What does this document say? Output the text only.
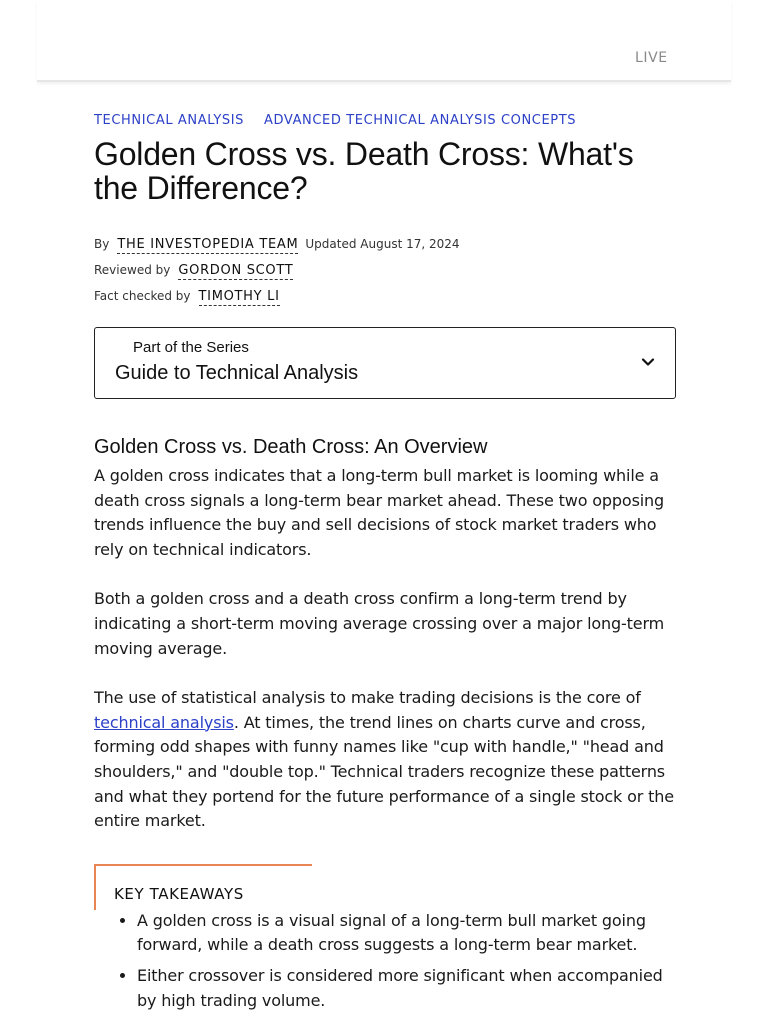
LIVE
TECHNICAL ANALYSIS ADVANCED TECHNICAL ANALYSIS CONCEPTS
Golden Cross vs. Death Cross: What's the Difference?
By THE INVESTOPEDIA TEAM Updated August 17, 2024
Reviewed by GORDON SCOTT
Fact checked by TIMOTHY LI
Part of the Series
Guide to Technical Analysis
Golden Cross vs. Death Cross: An Overview

A golden cross indicates that a long-term bull market is looming while a death cross signals a long-term bear market ahead. These two opposing trends influence the buy and sell decisions of stock market traders who rely on technical indicators.

Both a golden cross and a death cross confirm a long-term trend by indicating a short-term moving average crossing over a major long-term moving average.

The use of statistical analysis to make trading decisions is the core of technical analysis. At times, the trend lines on charts curve and cross, forming odd shapes with funny names like "cup with handle," "head and shoulders," and "double top." Technical traders recognize these patterns and what they portend for the future performance of a single stock or the entire market.

KEY TAKEAWAYS
• A golden cross is a visual signal of a long-term bull market going forward, while a death cross suggests a long-term bear market.
• Either crossover is considered more significant when accompanied by high trading volume.
